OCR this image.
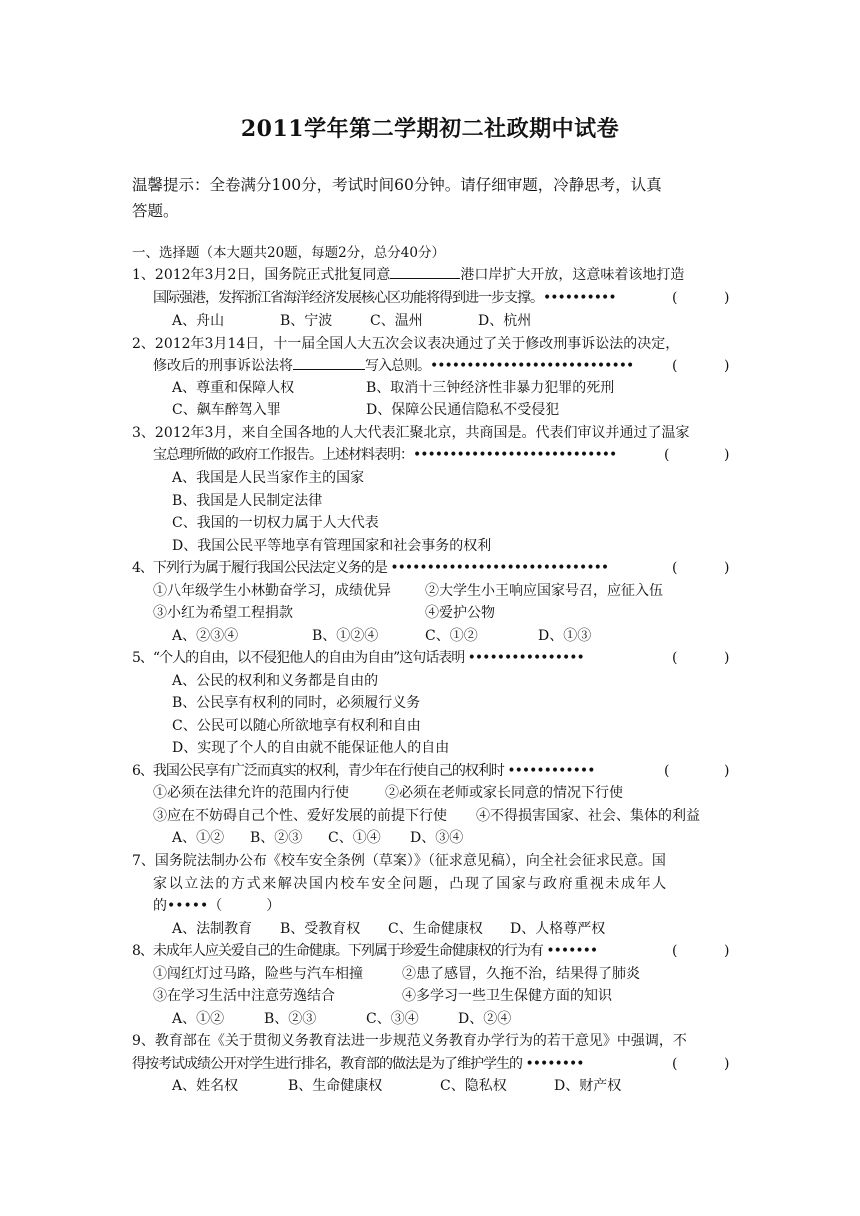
2011学年第二学期初二社政期中试卷
温馨提示：全卷满分100分，考试时间60分钟。请仔细审题，冷静思考，认真
答题。
一、选择题（本大题共20题，每题2分，总分40分）
1、2012年3月2日，国务院正式批复同意	港口岸扩大开放，这意味着该地打造
国际强港，发挥浙江省海洋经济发展核心区功能将得到进一步支撑。••••••••••	(	)
A、舟山	B、宁波	C、温州	D、杭州
2、2012年3月14日，十一届全国人大五次会议表决通过了关于修改刑事诉讼法的决定，
修改后的刑事诉讼法将	写入总则。••••••••••••••••••••••••••••	(	)
A、尊重和保障人权	B、取消十三钟经济性非暴力犯罪的死刑
C、飙车醉驾入罪	D、保障公民通信隐私不受侵犯
3、2012年3月，来自全国各地的人大代表汇聚北京，共商国是。代表们审议并通过了温家
宝总理所做的政府工作报告。上述材料表明：••••••••••••••••••••••••••••	(	)
A、我国是人民当家作主的国家
B、我国是人民制定法律
C、我国的一切权力属于人大代表
D、我国公民平等地享有管理国家和社会事务的权利
4、下列行为属于履行我国公民法定义务的是 ••••••••••••••••••••••••••••••	(	)
①八年级学生小林勤奋学习，成绩优异 ②大学生小王响应国家号召，应征入伍
③小红为希望工程捐款	④爱护公物
A、②③④	B、①②④	C、①②	D、①③
5、“个人的自由，以不侵犯他人的自由为自由”这句话表明 ••••••••••••••••	(	)
A、公民的权利和义务都是自由的
B、公民享有权利的同时，必须履行义务
C、公民可以随心所欲地享有权利和自由
D、实现了个人的自由就不能保证他人的自由
6、我国公民享有广泛而真实的权利，青少年在行使自己的权利时 ••••••••••••	(	)
①必须在法律允许的范围内行使	②必须在老师或家长同意的情况下行使
③应在不妨碍自己个性、爱好发展的前提下行使 ④不得损害国家、社会、集体的利益
A、①② B、②③ C、①④ D、③④
7、国务院法制办公布《校车安全条例（草案）》（征求意见稿），向全社会征求民意。国
家以立法的方式来解决国内校车安全问题，凸现了国家与政府重视未成年人
的•••••（	）
A、法制教育 B、受教育权 C、生命健康权 D、人格尊严权
8、未成年人应关爱自己的生命健康。下列属于珍爱生命健康权的行为有 •••••••	(	)
①闯红灯过马路，险些与汽车相撞	②患了感冒，久拖不治，结果得了肺炎
③在学习生活中注意劳逸结合	④多学习一些卫生保健方面的知识
A、①②	B、②③	C、③④	D、②④
9、教育部在《关于贯彻义务教育法进一步规范义务教育办学行为的若干意见》中强调，不
得按考试成绩公开对学生进行排名，教育部的做法是为了维护学生的 ••••••••	(	)
A、姓名权	B、生命健康权	C、隐私权	D、财产权
